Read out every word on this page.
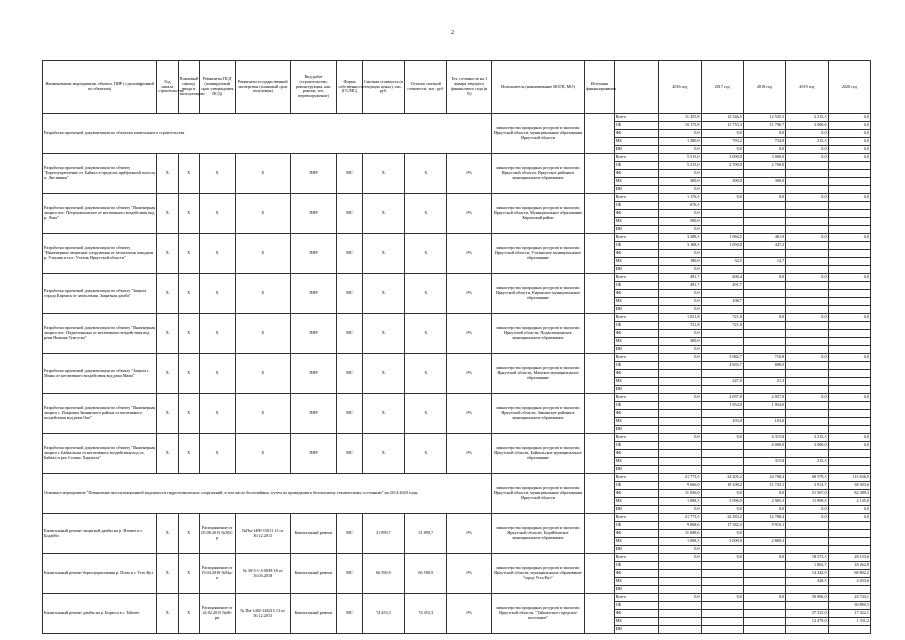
2
Наименование мероприятия, объекта, ПИР (с расшифровкой по объектам)	Год начала строительства	Плановый период ввода в эксплуатацию	Реквизиты ПСД (планируемый срок утверждения ПСД)	Реквизиты государственной экспертизы (плановый срок получения)	Вид работ (строительство, реконструкция, кап. ремонт, тех. перевооружение)	Форма собственности (ГС/МС)	Сметная стоимость (в текущих ценах), тыс. руб.	Остаток сметной стоимости, тыс. руб.	Тех. готовность на 1 января текущего финансового года (в %)	Исполнитель (наименование ИОГВ, МО)	Источник финансирования		2016 год	2017 год	2018 год	2019 год	2020 год
Разработка проектной документации по объектам капитального строительства										министерство природных ресурсов и экологии Иркутской области, муниципальные образования Иркутской области		Всего	11 455,8	12 546,5	12 545,5	2 215,3	0,0
												ОБ	10 175,8	11 753,3	11 790,7	3 000,6	0,0
												ФБ	0,0	0,0	0,0	0,0	0,0
												МБ	1 280,0	793,2	754,8	215,3	0,0
												ИИ	0,0	0,0	0,0	0,0	0,0
Разработка проектной документации по объекту "Берегоукрепление оз. Байкал в пределах прибрежной полосы п. Листвянка"	X	X	X	X	ПИР	МС	X	X	0%	министерство природных ресурсов и экологии Иркутской области, Иркутское районное муниципальное образование		Всего	5 515,0	3 000,0	3 000,0	0,0	0,0
												ОБ	5 215,0	2 700,0	2 700,0		
												ФБ	0,0				
												МБ	300,0	300,0	300,0		
												ИИ	0,0				
Разработка проектной документации по объекту "Инженерная защита пос. Петропавловское от негативного воздействия вод р. Лена"	X	X	X	X	ПИР	МС	X	X	0%	министерство природных ресурсов и экологии Иркутской области, Муниципальное образование Киренский район		Всего	1 176,5	0,0	0,0	0,0	0,0
												ОБ	676,5				
												ФБ	0,0				
												МБ	500,0				
												ИИ	0,0				
Разработка проектной документации по объекту "Инженерные защитные сооружения от затопления паводком р. Уткулик в пос. Уталик Иркутской области"	X	X	X	X	ПИР	МС	X	X	0%	министерство природных ресурсов и экологии Иркутской области, Уталикское муниципальное образование		Всего	3 288,5	1 084,5	461,9	0,0	0,0
												ОБ	3 108,5	1 050,0	447,2		
												ФБ	0,0				
												МБ	180,0	34,5	14,7		
												ИИ	0,0				
Разработка проектной документации по объекту "Защита города Киренск от затопления. Защитная дамба"	X	X	X	X	ПИР	МС	X	X	0%	министерство природных ресурсов и экологии Иркутской области, Киренское муниципальное образование		Всего	491,7	600,4	0,0	0,0	0,0
												ОБ	491,7	491,7			
												ФБ	0,0				
												МБ	0,0	108,7			
												ИИ	0,0				
Разработка проектной документации по объекту "Инженерная защита пос. Подвеленкино от негативного воздействия вод реки Нижняя Тунгуска"	X	X	X	X	ПИР	МС	X	X	0%	министерство природных ресурсов и экологии Иркутской области, Подвеленкинское муниципальное образование		Всего	1 021,8	721,8	0,0	0,0	0,0
												ОБ	721,8	721,8			
												ФБ	0,0				
												МБ	300,0				
												ИИ	0,0				
Разработка проектной документации по объекту "Защита г. Мамы от негативного воздействия вод реки Мама"	X	X	X	X	ПИР	МС	X	X	0%	министерство природных ресурсов и экологии Иркутской области, Мамское муниципальное образование		Всего	0,0	5 082,7	710,8	0,0	0,0
												ОБ		4 835,7	689,5		
												ФБ					
												МБ		247,0	21,3		
												ИИ					
Разработка проектной документации по объекту "Инженерная защита с. Покровка Зиминского района от негативного воздействия вод реки Ока"	X	X	X	X	ПИР	МС	X	X	0%	министерство природных ресурсов и экологии Иркутской области, Зиминское районное муниципальное образование		Всего	0,0	2 057,0	2 057,0	0,0	0,0
												ОБ		1 954,0	1 954,0		
												ФБ					
												МБ		103,0	103,0		
												ИИ					
Разработка проектной документации по объекту "Инженерная защита г. Байкальска от негативного воздействия вод оз. Байкал и рек Солзан, Харлахта"	X	X	X	X	ПИР	МС	X	X	0%	министерство природных ресурсов и экологии Иркутской области, Байкальское муниципальное образование		Всего	0,0	0,0	6 315,8	3 215,3	0,0
												ОБ			6 000,0	3 000,0	0,0
												ФБ					
												МБ			315,8	215,3	
												ИИ					
Основное мероприятие "Повышение эксплуатационной надежности гидротехнических сооружений, в том числе бесхозяйных, путем их приведения к безопасному техническому состоянию" на 2014-2020 годы										министерство природных ресурсов и экологии Иркутской области, муниципальные образования Иркутской области		Всего	21 775,5	24 205,2	24 708,4	68 579,3	113 636,5
												ОБ	9 666,6	19 109,2	11 743,1	3 912,7	38 303,6
												ФБ	11 056,6	0,0	0,0	51 567,0	82 389,3
												МБ	1 088,3	5 096,0	2 965,3	11 899,3	2 145,0
												ИИ	0,0	0,0	0,0	0,0	0,0
Капитальный ремонт защитной дамбы на р. Иликте в г. Бодайбо	X	X	Распоряжение от 05.08.2015 №382-р	№Пм-1490-15011 13 от 30.12.2013	Капитальный ремонт	МС	31 899,7	31 899,7	0%	министерство природных ресурсов и экологии Иркутской области, Бодайбинское муниципальное образование		Всего	21 775,5	22 283,2	12 788,4	0,0	0,0
												ОБ	9 068,6	17 382,3	9 919,1		
												ФБ	11 698,6	0,0			
												МБ	1 008,3	5 000,9	2 869,3		
												ИИ	0,0				
Капитальный ремонт берегоукрепления р. Пома в г. Усть-Кут	X	X	Распоряжение от 19.04.2018 №92к-п	№ 38-3-1-3-0049-18 от 16.04.2018	Капитальный ремонт	МС	66 590,9	66 590,9	0%	министерство природных ресурсов и экологии Иркутской области, муниципальное образование "город Усть-Кут"		Всего	0,0	0,0	0,0	18 573,3	28 153,6
												ОБ				1 802,7	18 262,8
												ФБ				14 342,9	68 802,2
												МБ				428,5	2 033,6
												ИИ					
Капитальный ремонт дамбы на р. Бирюса в г. Тайшет	X	X	Распоряжение от 24.02.2015 №66-рп	№ Пм-1482-148215 13 от 30.12.2013	Капитальный ремонт	МС	74 453,3	74 453,3	0%	министерство природных ресурсов и экологии Иркутской области, "Тайшетское городское поселение"		Всего	0,0	0,0	0,0	50 006,0	24 743,1
												ОБ					30 890,5
												ФБ				37 525,0	17 322,1
												МБ				12 479,0	1 331,2
												ИИ					
